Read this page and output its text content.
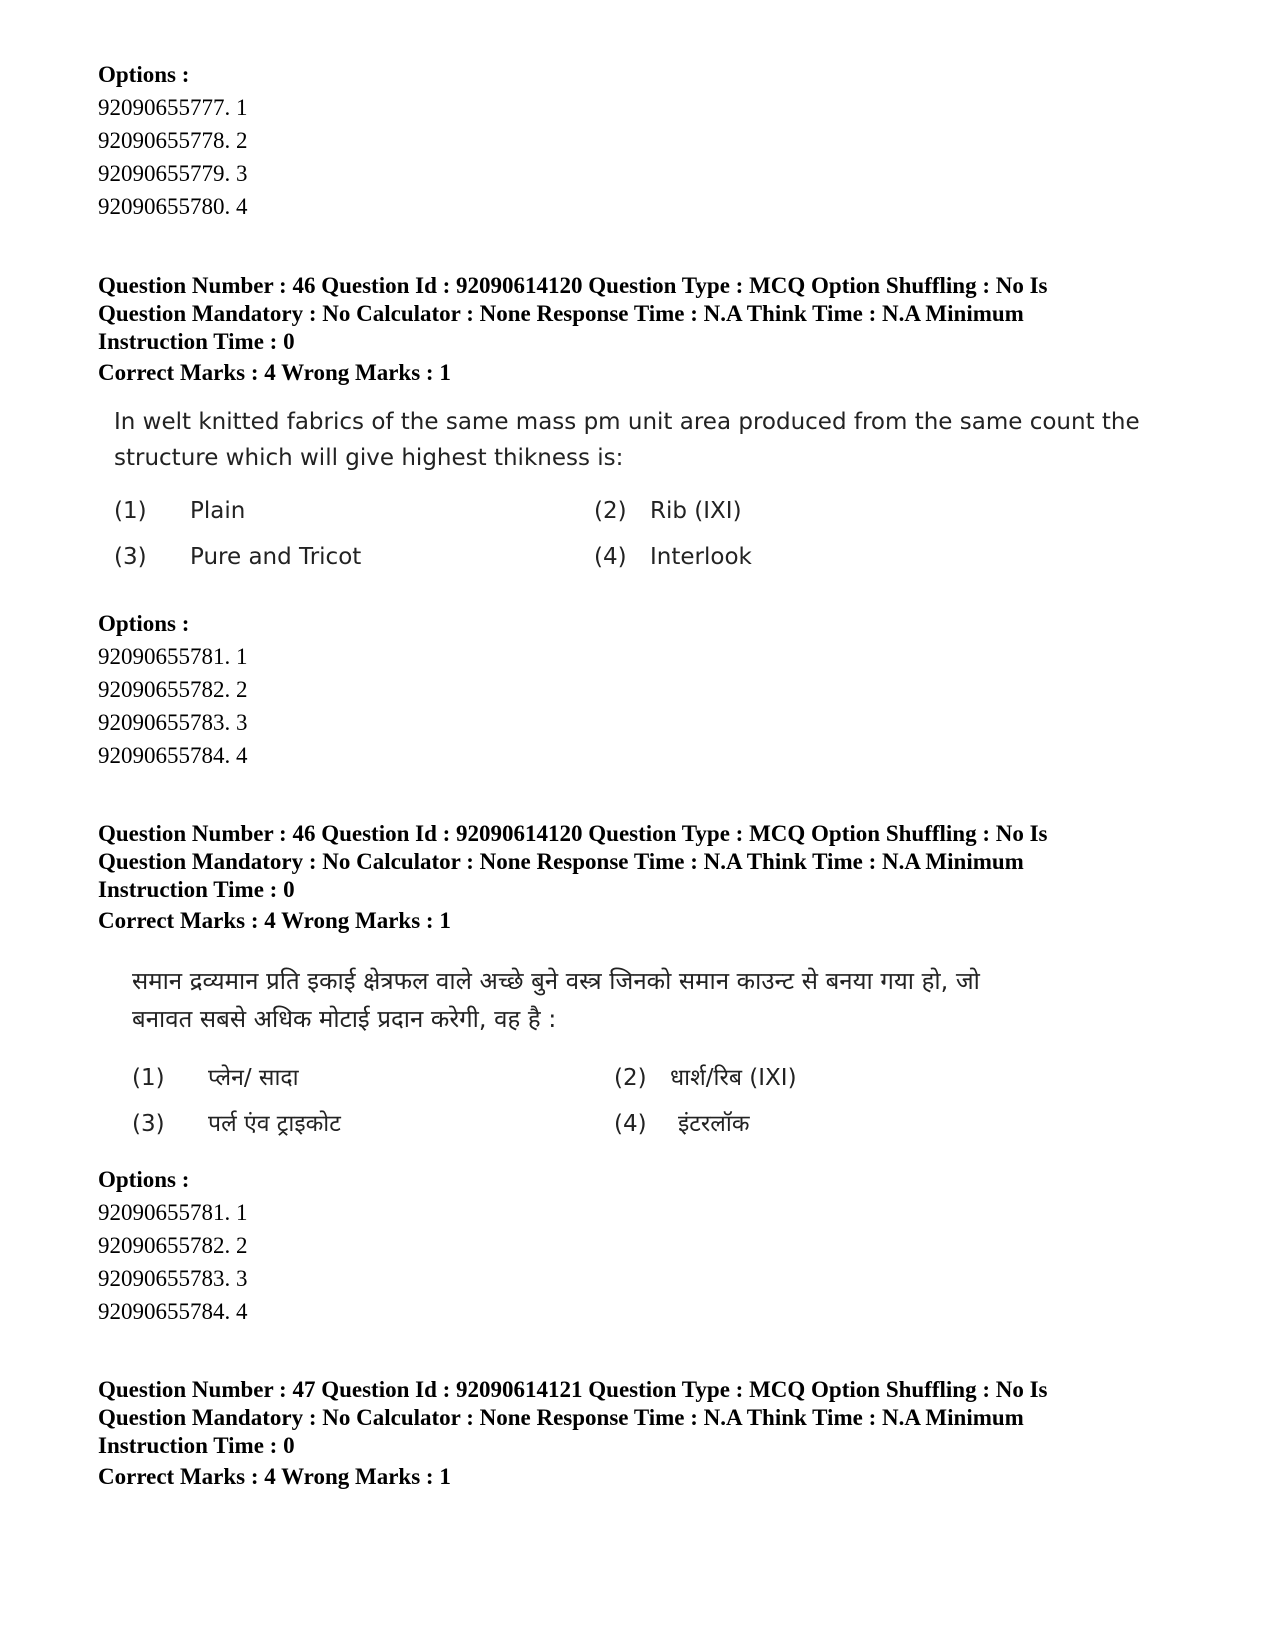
Options :
92090655777. 1
92090655778. 2
92090655779. 3
92090655780. 4
Question Number : 46 Question Id : 92090614120 Question Type : MCQ Option Shuffling : No Is
Question Mandatory : No Calculator : None Response Time : N.A Think Time : N.A Minimum
Instruction Time : 0
Correct Marks : 4 Wrong Marks : 1
In welt knitted fabrics of the same mass pm unit area produced from the same count the
structure which will give highest thikness is:
(1) Plain	(2) Rib (IXI)
(3) Pure and Tricot	(4) Interlook
Options :
92090655781. 1
92090655782. 2
92090655783. 3
92090655784. 4
Question Number : 46 Question Id : 92090614120 Question Type : MCQ Option Shuffling : No Is
Question Mandatory : No Calculator : None Response Time : N.A Think Time : N.A Minimum
Instruction Time : 0
Correct Marks : 4 Wrong Marks : 1
समान द्रव्यमान प्रति इकाई क्षेत्रफल वाले अच्छे बुने वस्त्र जिनको समान काउन्ट से बनया गया हो, जो
बनावत सबसे अधिक मोटाई प्रदान करेगी, वह है :
(1) प्लेन/ सादा	(2) धार्श/रिब (IXI)
(3) पर्ल एंव ट्राइकोट	(4) इंटरलॉक
Options :
92090655781. 1
92090655782. 2
92090655783. 3
92090655784. 4
Question Number : 47 Question Id : 92090614121 Question Type : MCQ Option Shuffling : No Is
Question Mandatory : No Calculator : None Response Time : N.A Think Time : N.A Minimum
Instruction Time : 0
Correct Marks : 4 Wrong Marks : 1
